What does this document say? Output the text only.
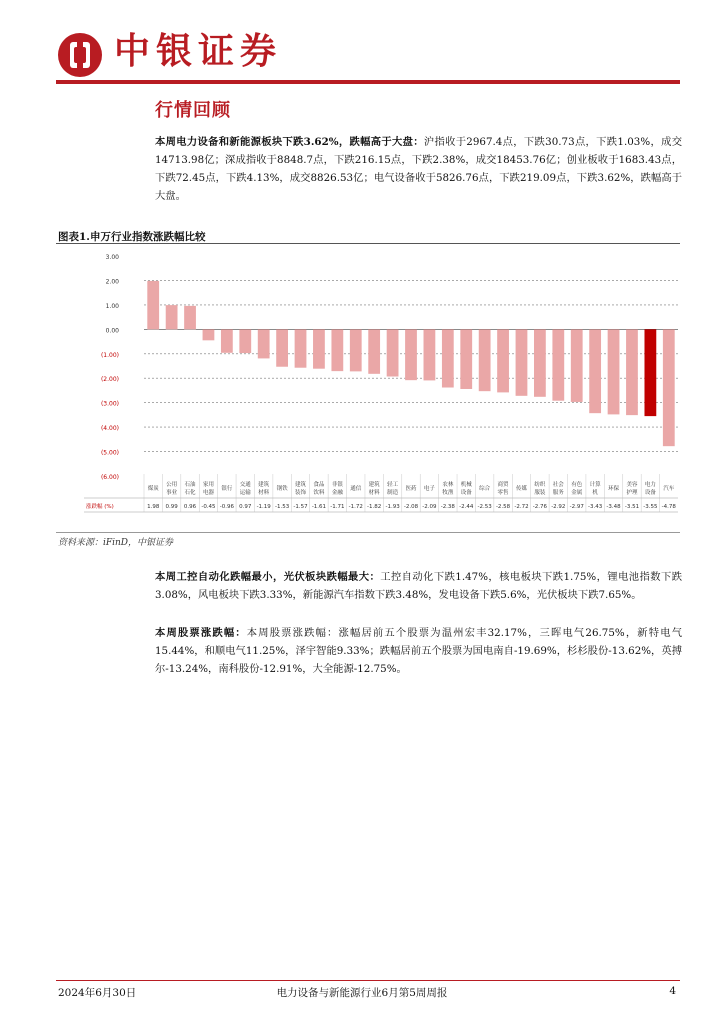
中银证券
行情回顾
本周电力设备和新能源板块下跌3.62%，跌幅高于大盘：沪指收于2967.4点，下跌30.73点，下跌1.03%，成交14713.98亿；深成指收于8848.7点，下跌216.15点，下跌2.38%，成交18453.76亿；创业板收于1683.43点，下跌72.45点，下跌4.13%，成交8826.53亿；电气设备收于5826.76点，下跌219.09点，下跌3.62%，跌幅高于大盘。
图表1.申万行业指数涨跌幅比较
3.00
2.00
1.00
0.00
(1.00)
(2.00)
(3.00)
(4.00)
(5.00)
(6.00)
涨跌幅 (%)
煤炭
1.98
公用
事业
0.99
石油
石化
0.96
家用
电器
-0.45
银行
-0.96
交通
运输
0.97
建筑
材料
-1.19
钢铁
-1.53
建筑
装饰
-1.57
食品
饮料
-1.61
非银
金融
-1.71
通信
-1.72
建筑
材料
-1.82
轻工
制造
-1.93
医药
-2.08
电子
-2.09
农林
牧渔
-2.38
机械
设备
-2.44
综合
-2.53
商贸
零售
-2.58
传媒
-2.72
纺织
服装
-2.76
社会
服务
-2.92
有色
金属
-2.97
计算
机
-3.43
环保
-3.48
美容
护理
-3.51
电力
设备
-3.55
汽车
-4.78
资料来源：iFinD，中银证券
本周工控自动化跌幅最小，光伏板块跌幅最大：工控自动化下跌1.47%，核电板块下跌1.75%，锂电池指数下跌3.08%，风电板块下跌3.33%，新能源汽车指数下跌3.48%，发电设备下跌5.6%，光伏板块下跌7.65%。
本周股票涨跌幅：本周股票涨跌幅：涨幅居前五个股票为温州宏丰32.17%，三晖电气26.75%，新特电气15.44%，和顺电气11.25%，泽宇智能9.33%；跌幅居前五个股票为国电南自-19.69%，杉杉股份-13.62%，英搏尔-13.24%，南科股份-12.91%，大全能源-12.75%。
2024年6月30日	电力设备与新能源行业6月第5周周报	4
